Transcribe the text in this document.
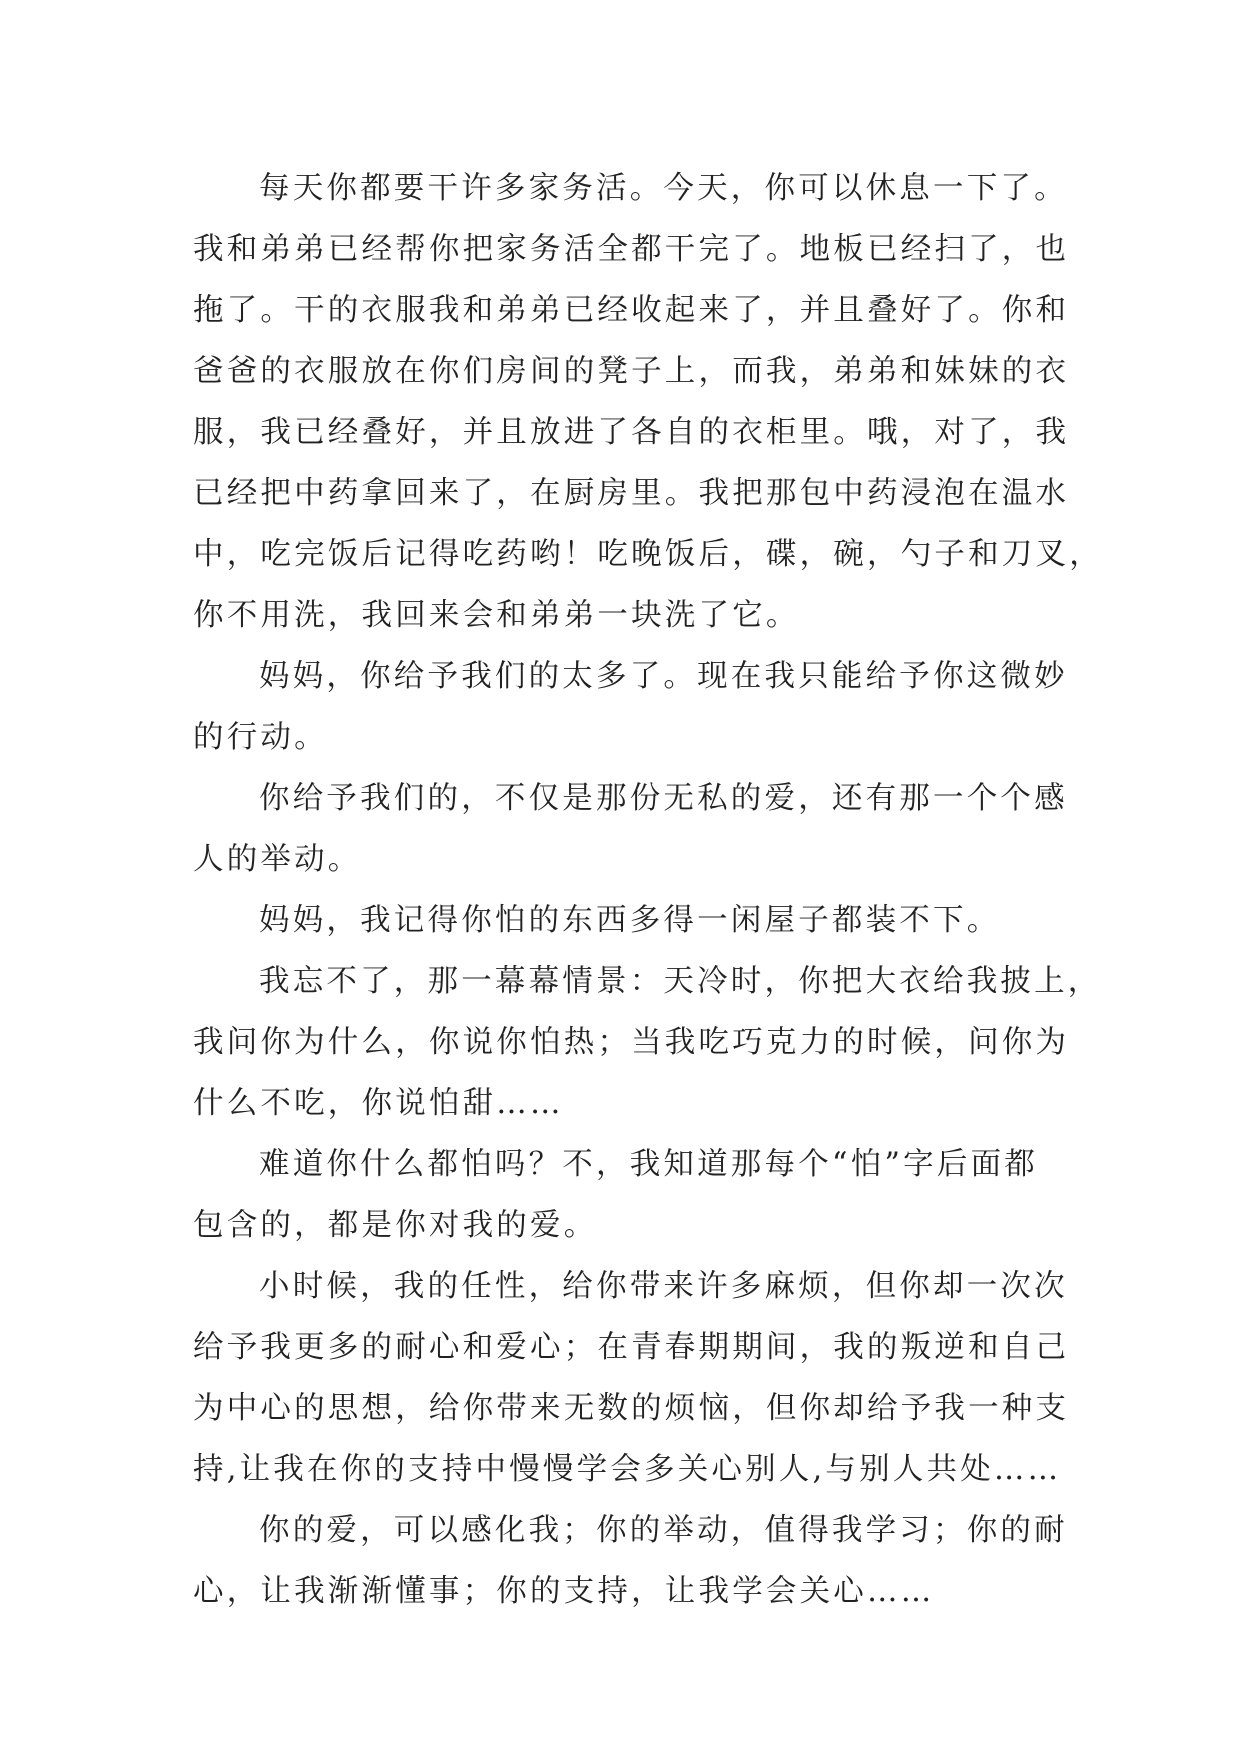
每天你都要干许多家务活。今天，你可以休息一下了。
我和弟弟已经帮你把家务活全都干完了。地板已经扫了，也
拖了。干的衣服我和弟弟已经收起来了，并且叠好了。你和
爸爸的衣服放在你们房间的凳子上，而我，弟弟和妹妹的衣
服，我已经叠好，并且放进了各自的衣柜里。哦，对了，我
已经把中药拿回来了，在厨房里。我把那包中药浸泡在温水
中，吃完饭后记得吃药哟！吃晚饭后，碟，碗，勺子和刀叉，
你不用洗，我回来会和弟弟一块洗了它。
妈妈，你给予我们的太多了。现在我只能给予你这微妙
的行动。
你给予我们的，不仅是那份无私的爱，还有那一个个感
人的举动。
妈妈，我记得你怕的东西多得一闲屋子都装不下。
我忘不了，那一幕幕情景：天冷时，你把大衣给我披上，
我问你为什么，你说你怕热；当我吃巧克力的时候，问你为
什么不吃，你说怕甜……
难道你什么都怕吗？不，我知道那每个“怕”字后面都
包含的，都是你对我的爱。
小时候，我的任性，给你带来许多麻烦，但你却一次次
给予我更多的耐心和爱心；在青春期期间，我的叛逆和自己
为中心的思想，给你带来无数的烦恼，但你却给予我一种支
持,让我在你的支持中慢慢学会多关心别人,与别人共处……
你的爱，可以感化我；你的举动，值得我学习；你的耐
心，让我渐渐懂事；你的支持，让我学会关心……
